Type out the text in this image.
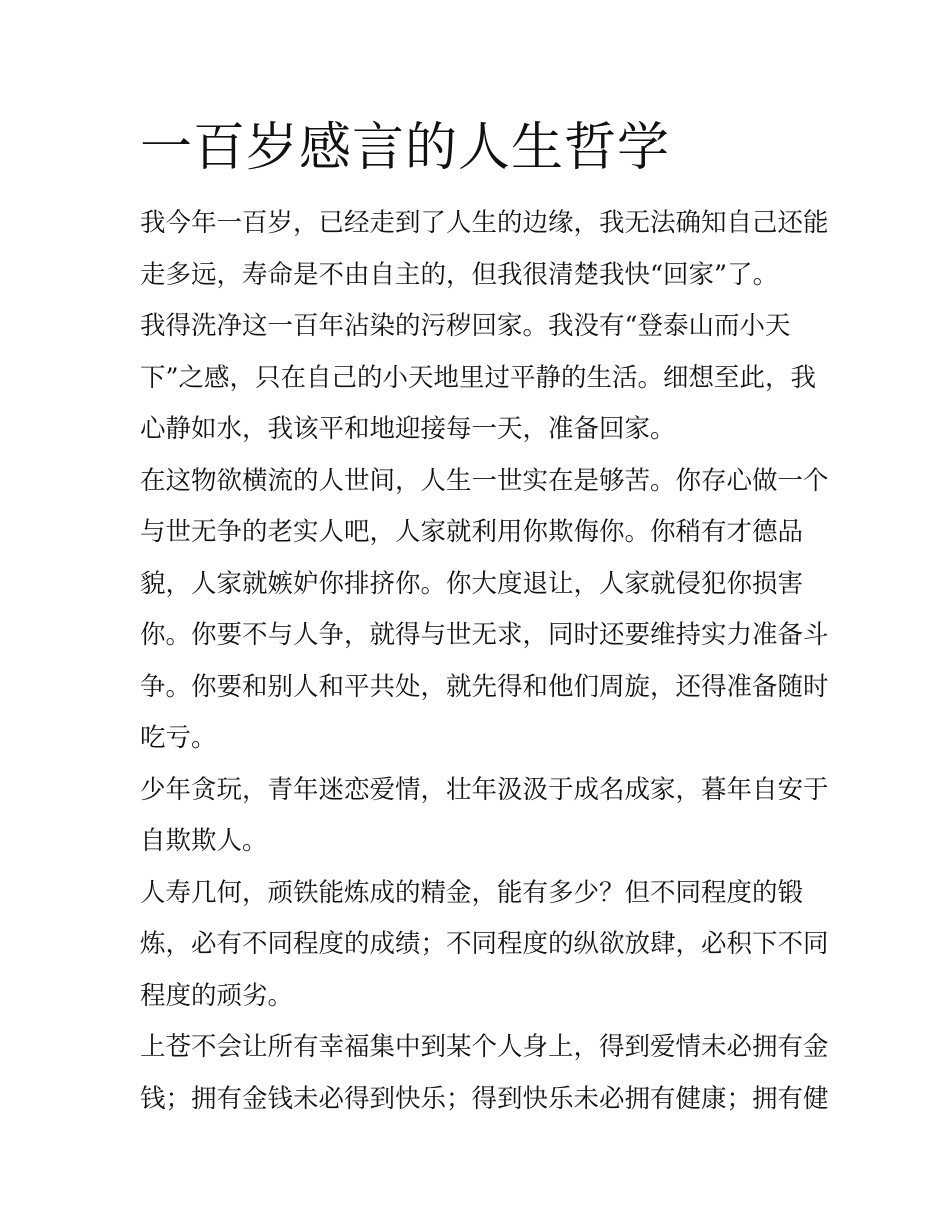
一百岁感言的人生哲学

我今年一百岁，已经走到了人生的边缘，我无法确知自己还能
走多远，寿命是不由自主的，但我很清楚我快“回家”了。

我得洗净这一百年沾染的污秽回家。我没有“登泰山而小天
下”之感，只在自己的小天地里过平静的生活。细想至此，我
心静如水，我该平和地迎接每一天，准备回家。

在这物欲横流的人世间，人生一世实在是够苦。你存心做一个
与世无争的老实人吧，人家就利用你欺侮你。你稍有才德品
貌，人家就嫉妒你排挤你。你大度退让，人家就侵犯你损害
你。你要不与人争，就得与世无求，同时还要维持实力准备斗
争。你要和别人和平共处，就先得和他们周旋，还得准备随时
吃亏。

少年贪玩，青年迷恋爱情，壮年汲汲于成名成家，暮年自安于
自欺欺人。

人寿几何，顽铁能炼成的精金，能有多少？但不同程度的锻
炼，必有不同程度的成绩；不同程度的纵欲放肆，必积下不同
程度的顽劣。

上苍不会让所有幸福集中到某个人身上，得到爱情未必拥有金
钱；拥有金钱未必得到快乐；得到快乐未必拥有健康；拥有健
